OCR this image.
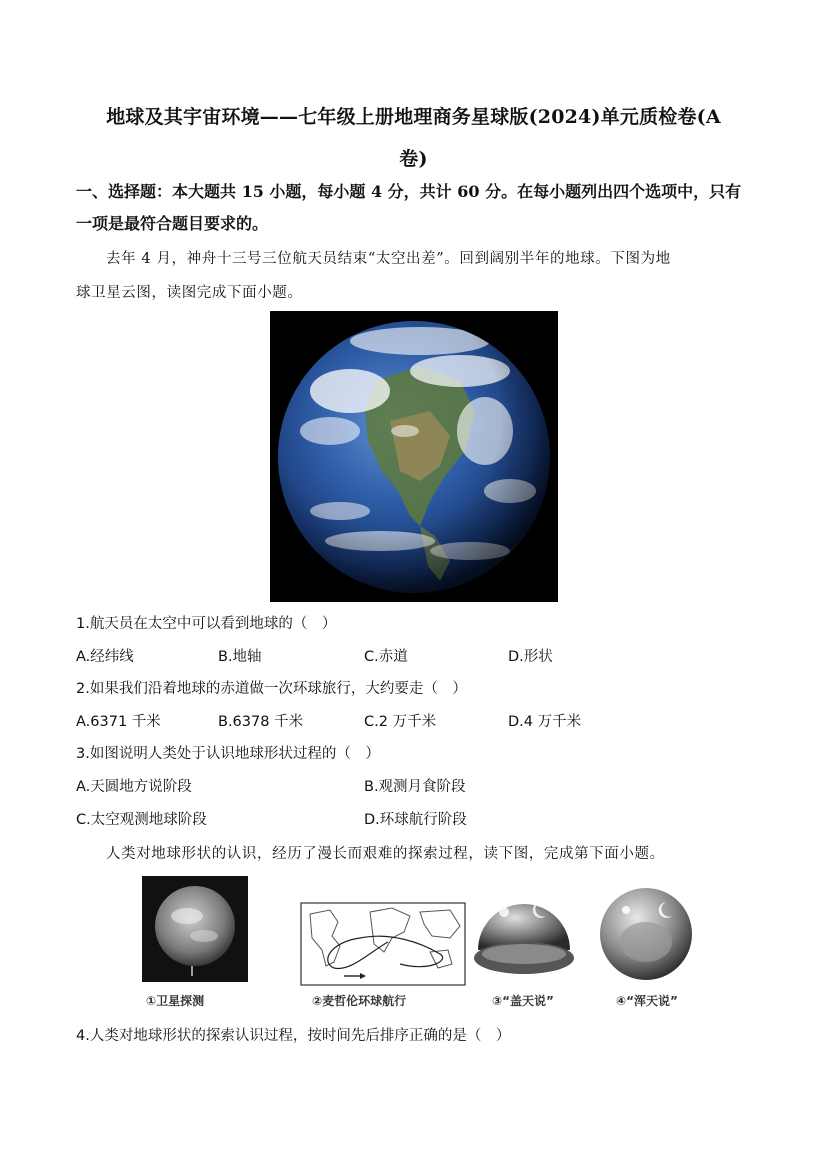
地球及其宇宙环境——七年级上册地理商务星球版(2024)单元质检卷(A
卷)
一、选择题：本大题共 15 小题，每小题 4 分，共计 60 分。在每小题列出四个选项中，只有
一项是最符合题目要求的。
去年 4 月，神舟十三号三位航天员结束“太空出差”。回到阔别半年的地球。下图为地
球卫星云图，读图完成下面小题。
1.航天员在太空中可以看到地球的（　）
A.经纬线	B.地轴	C.赤道	D.形状
2.如果我们沿着地球的赤道做一次环球旅行，大约要走（　）
A.6371 千米	B.6378 千米	C.2 万千米	D.4 万千米
3.如图说明人类处于认识地球形状过程的（　）
A.天圆地方说阶段	B.观测月食阶段
C.太空观测地球阶段	D.环球航行阶段
人类对地球形状的认识，经历了漫长而艰难的探索过程，读下图，完成第下面小题。
①卫星探测	②麦哲伦环球航行	③“盖天说”	④“浑天说”
4.人类对地球形状的探索认识过程，按时间先后排序正确的是（　）
